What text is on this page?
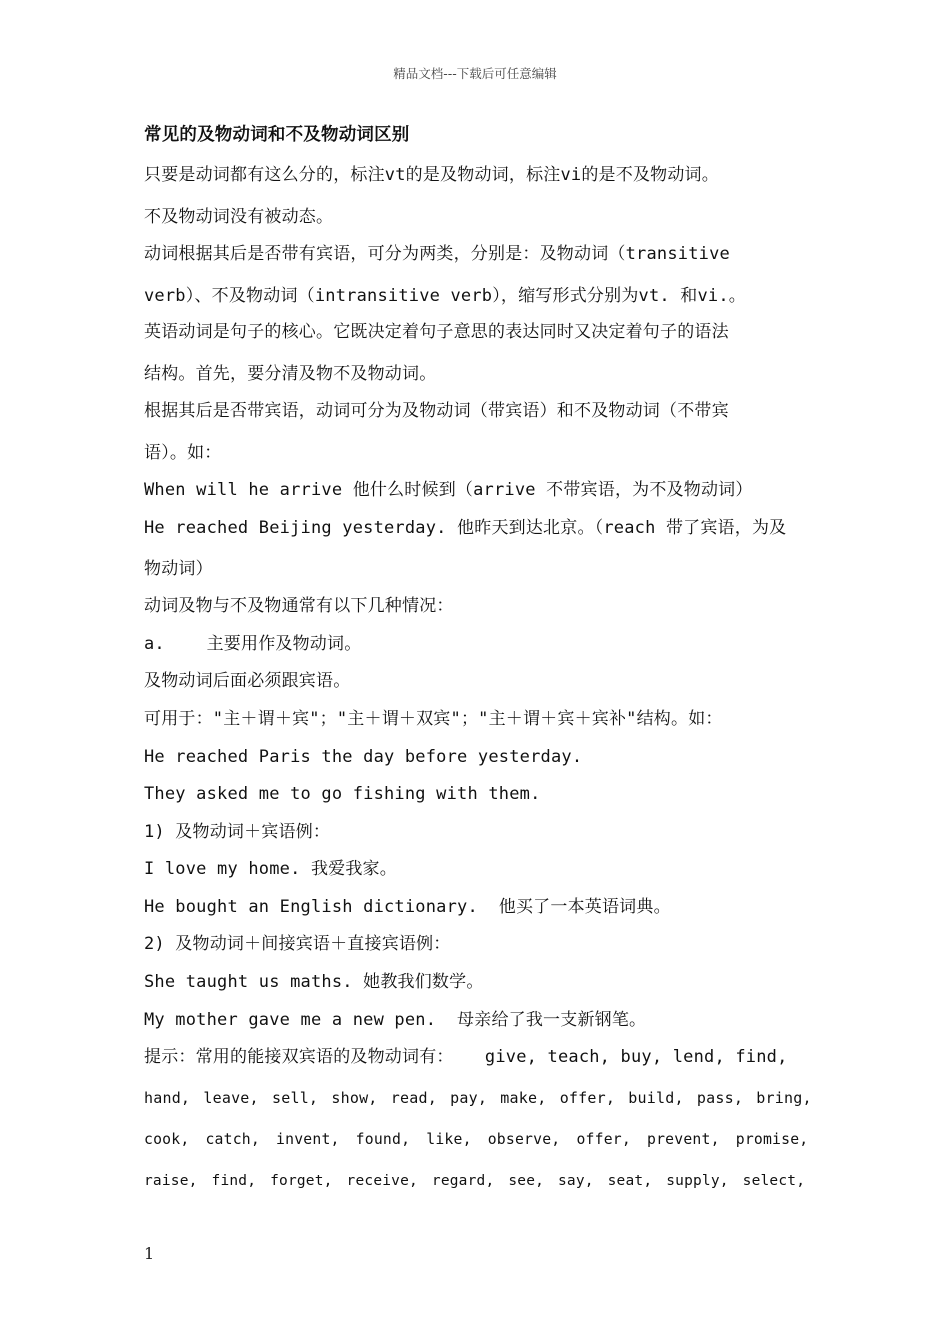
精品文档---下载后可任意编辑
常见的及物动词和不及物动词区别
只要是动词都有这么分的，标注vt的是及物动词，标注vi的是不及物动词。
不及物动词没有被动态。
动词根据其后是否带有宾语，可分为两类，分别是：及物动词（transitive
verb）、不及物动词（intransitive verb），缩写形式分别为vt. 和vi.。
英语动词是句子的核心。它既决定着句子意思的表达同时又决定着句子的语法
结构。首先，要分清及物不及物动词。
根据其后是否带宾语，动词可分为及物动词（带宾语）和不及物动词（不带宾
语）。如：
When will he arrive 他什么时候到（arrive 不带宾语，为不及物动词）
He reached Beijing yesterday. 他昨天到达北京。（reach 带了宾语，为及
物动词）
动词及物与不及物通常有以下几种情况：
a.    主要用作及物动词。
及物动词后面必须跟宾语。
可用于："主＋谓＋宾"；"主＋谓＋双宾"；"主＋谓＋宾＋宾补"结构。如：
He reached Paris the day before yesterday.
They asked me to go fishing with them.
1) 及物动词＋宾语例：
I love my home. 我爱我家。
He bought an English dictionary.  他买了一本英语词典。
2) 及物动词＋间接宾语＋直接宾语例：
She taught us maths. 她教我们数学。
My mother gave me a new pen.  母亲给了我一支新钢笔。
提示：常用的能接双宾语的及物动词有：   give, teach, buy, lend, find,
hand, leave, sell, show, read, pay, make, offer, build, pass, bring,
cook, catch, invent, found, like, observe, offer, prevent, promise,
raise, find, forget, receive, regard, see, say, seat, supply, select,
1
